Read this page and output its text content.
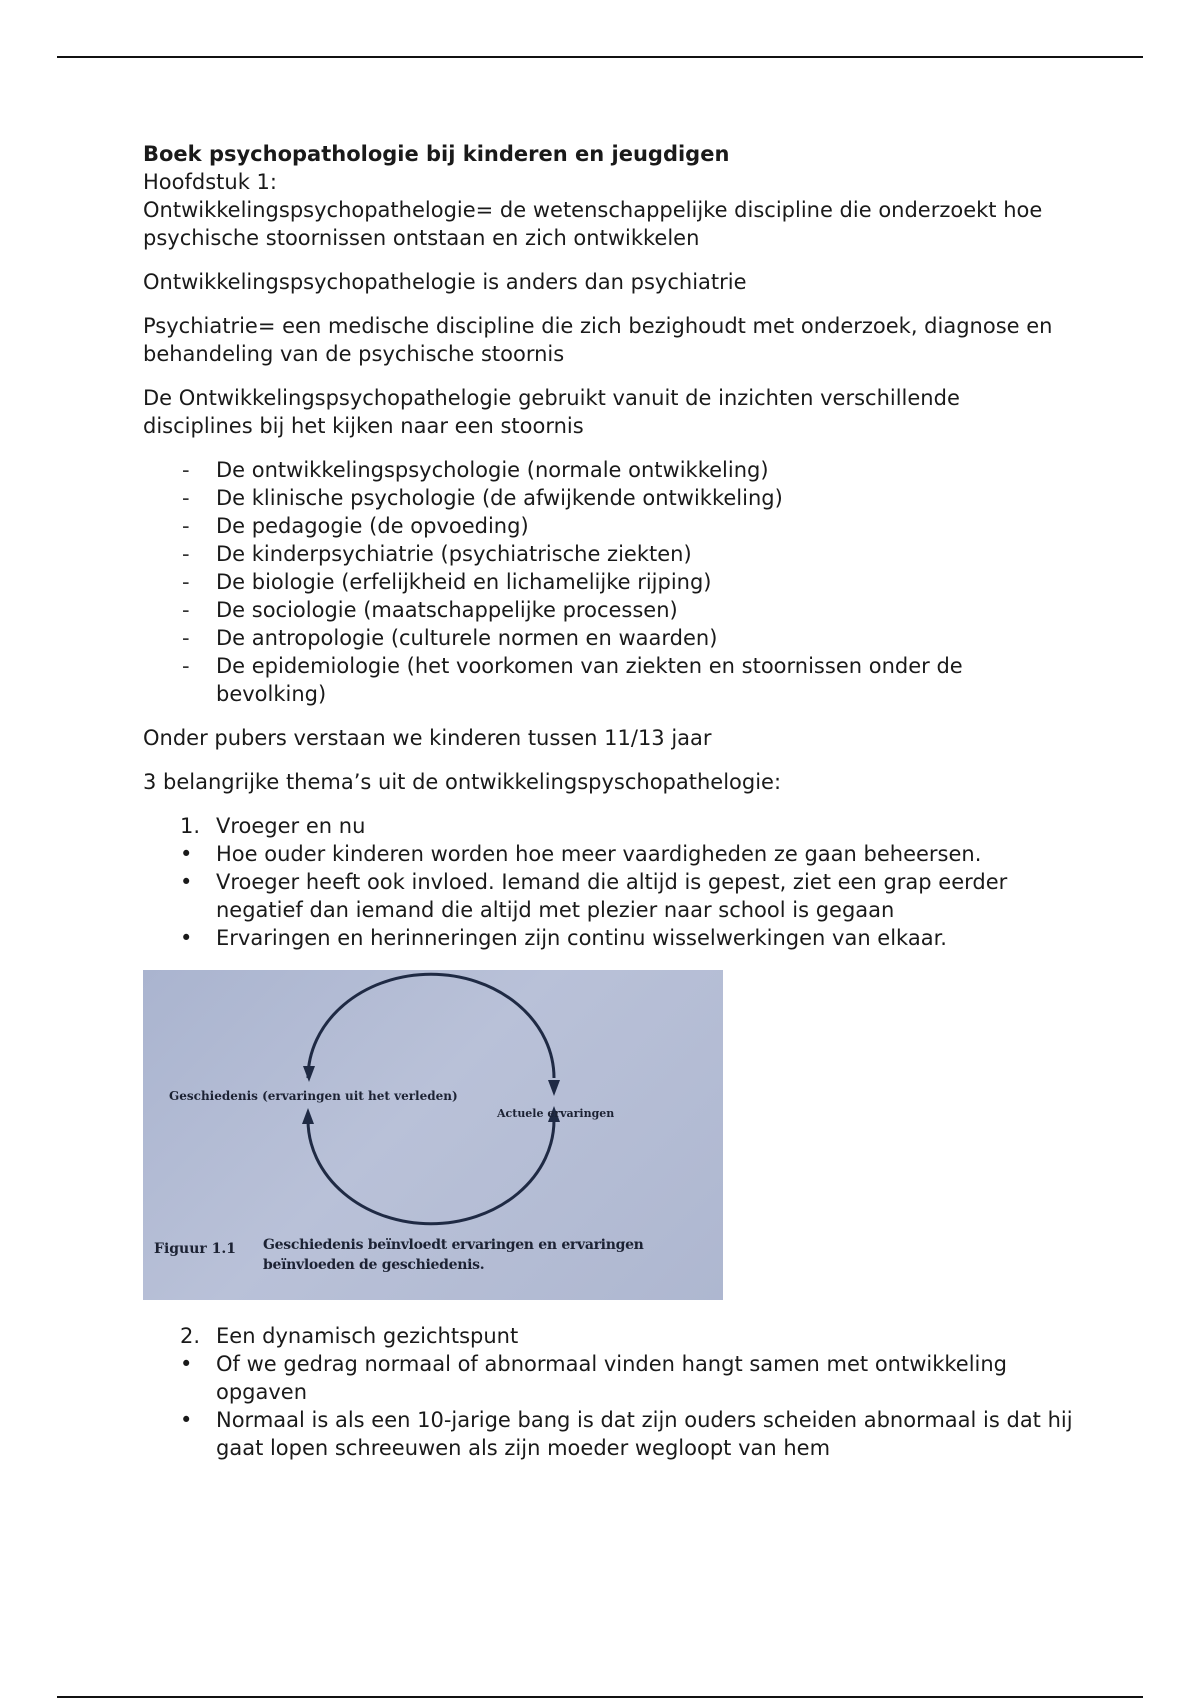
Boek psychopathologie bij kinderen en jeugdigen

Hoofdstuk 1:

Ontwikkelingspsychopathelogie= de wetenschappelijke discipline die onderzoekt hoe psychische stoornissen ontstaan en zich ontwikkelen

Ontwikkelingspsychopathelogie is anders dan psychiatrie

Psychiatrie= een medische discipline die zich bezighoudt met onderzoek, diagnose en behandeling van de psychische stoornis

De Ontwikkelingspsychopathelogie gebruikt vanuit de inzichten verschillende disciplines bij het kijken naar een stoornis

- De ontwikkelingspsychologie (normale ontwikkeling)
- De klinische psychologie (de afwijkende ontwikkeling)
- De pedagogie (de opvoeding)
- De kinderpsychiatrie (psychiatrische ziekten)
- De biologie (erfelijkheid en lichamelijke rijping)
- De sociologie (maatschappelijke processen)
- De antropologie (culturele normen en waarden)
- De epidemiologie (het voorkomen van ziekten en stoornissen onder de bevolking)

Onder pubers verstaan we kinderen tussen 11/13 jaar

3 belangrijke thema’s uit de ontwikkelingspyschopathelogie:

1. Vroeger en nu
• Hoe ouder kinderen worden hoe meer vaardigheden ze gaan beheersen.
• Vroeger heeft ook invloed. Iemand die altijd is gepest, ziet een grap eerder negatief dan iemand die altijd met plezier naar school is gegaan
• Ervaringen en herinneringen zijn continu wisselwerkingen van elkaar.
Geschiedenis (ervaringen uit het verleden)
Actuele ervaringen
Figuur 1.1 Geschiedenis beïnvloedt ervaringen en ervaringen beïnvloeden de geschiedenis.
2. Een dynamisch gezichtspunt
• Of we gedrag normaal of abnormaal vinden hangt samen met ontwikkeling opgaven
• Normaal is als een 10-jarige bang is dat zijn ouders scheiden abnormaal is dat hij gaat lopen schreeuwen als zijn moeder wegloopt van hem
